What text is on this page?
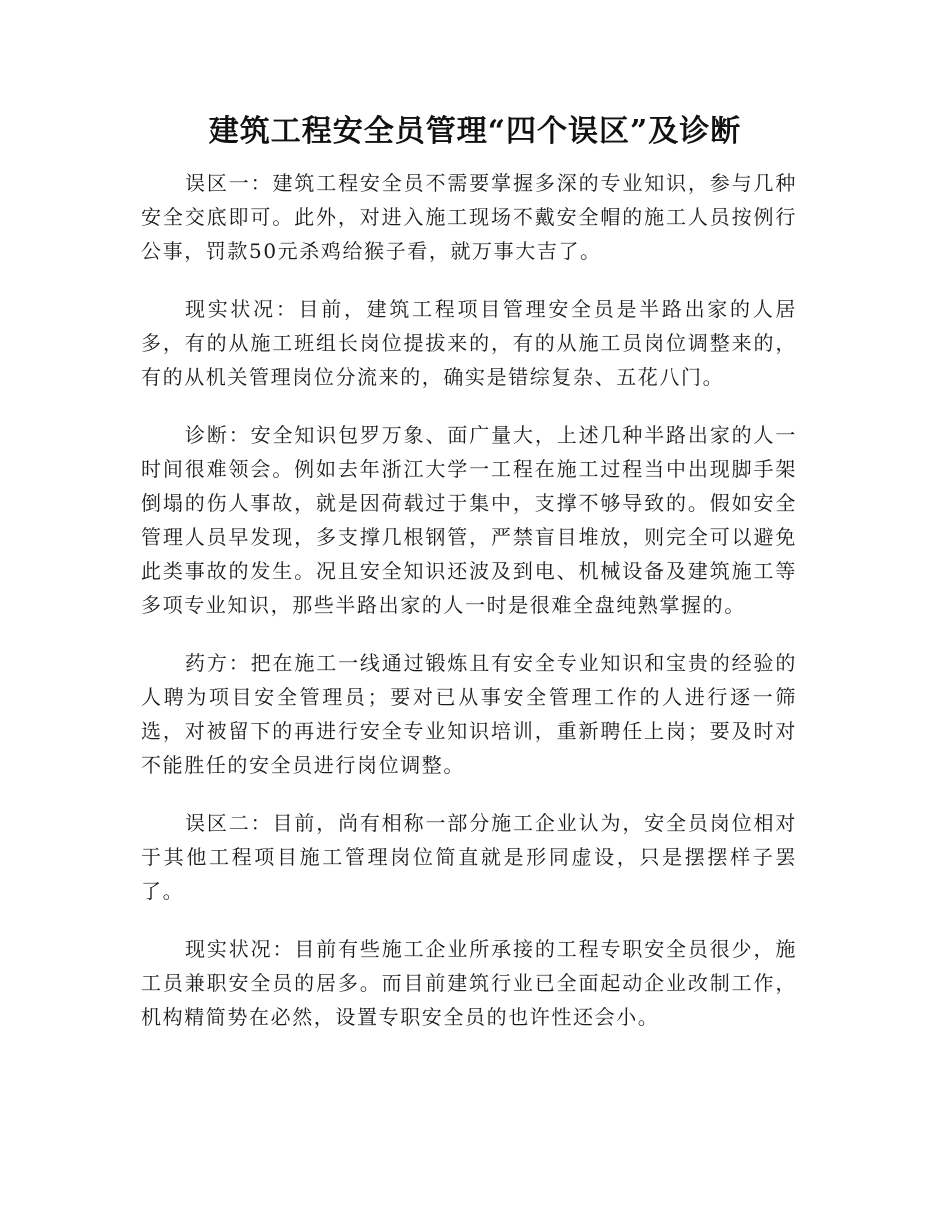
建筑工程安全员管理“四个误区”及诊断

误区一：建筑工程安全员不需要掌握多深的专业知识，参与几种安全交底即可。此外，对进入施工现场不戴安全帽的施工人员按例行公事，罚款50元杀鸡给猴子看，就万事大吉了。

现实状况：目前，建筑工程项目管理安全员是半路出家的人居多，有的从施工班组长岗位提拔来的，有的从施工员岗位调整来的，有的从机关管理岗位分流来的，确实是错综复杂、五花八门。

诊断：安全知识包罗万象、面广量大，上述几种半路出家的人一时间很难领会。例如去年浙江大学一工程在施工过程当中出现脚手架倒塌的伤人事故，就是因荷载过于集中，支撑不够导致的。假如安全管理人员早发现，多支撑几根钢管，严禁盲目堆放，则完全可以避免此类事故的发生。况且安全知识还波及到电、机械设备及建筑施工等多项专业知识，那些半路出家的人一时是很难全盘纯熟掌握的。

药方：把在施工一线通过锻炼且有安全专业知识和宝贵的经验的人聘为项目安全管理员；要对已从事安全管理工作的人进行逐一筛选，对被留下的再进行安全专业知识培训，重新聘任上岗；要及时对不能胜任的安全员进行岗位调整。

误区二：目前，尚有相称一部分施工企业认为，安全员岗位相对于其他工程项目施工管理岗位简直就是形同虚设，只是摆摆样子罢了。

现实状况：目前有些施工企业所承接的工程专职安全员很少，施工员兼职安全员的居多。而目前建筑行业已全面起动企业改制工作，机构精简势在必然，设置专职安全员的也许性还会小。
